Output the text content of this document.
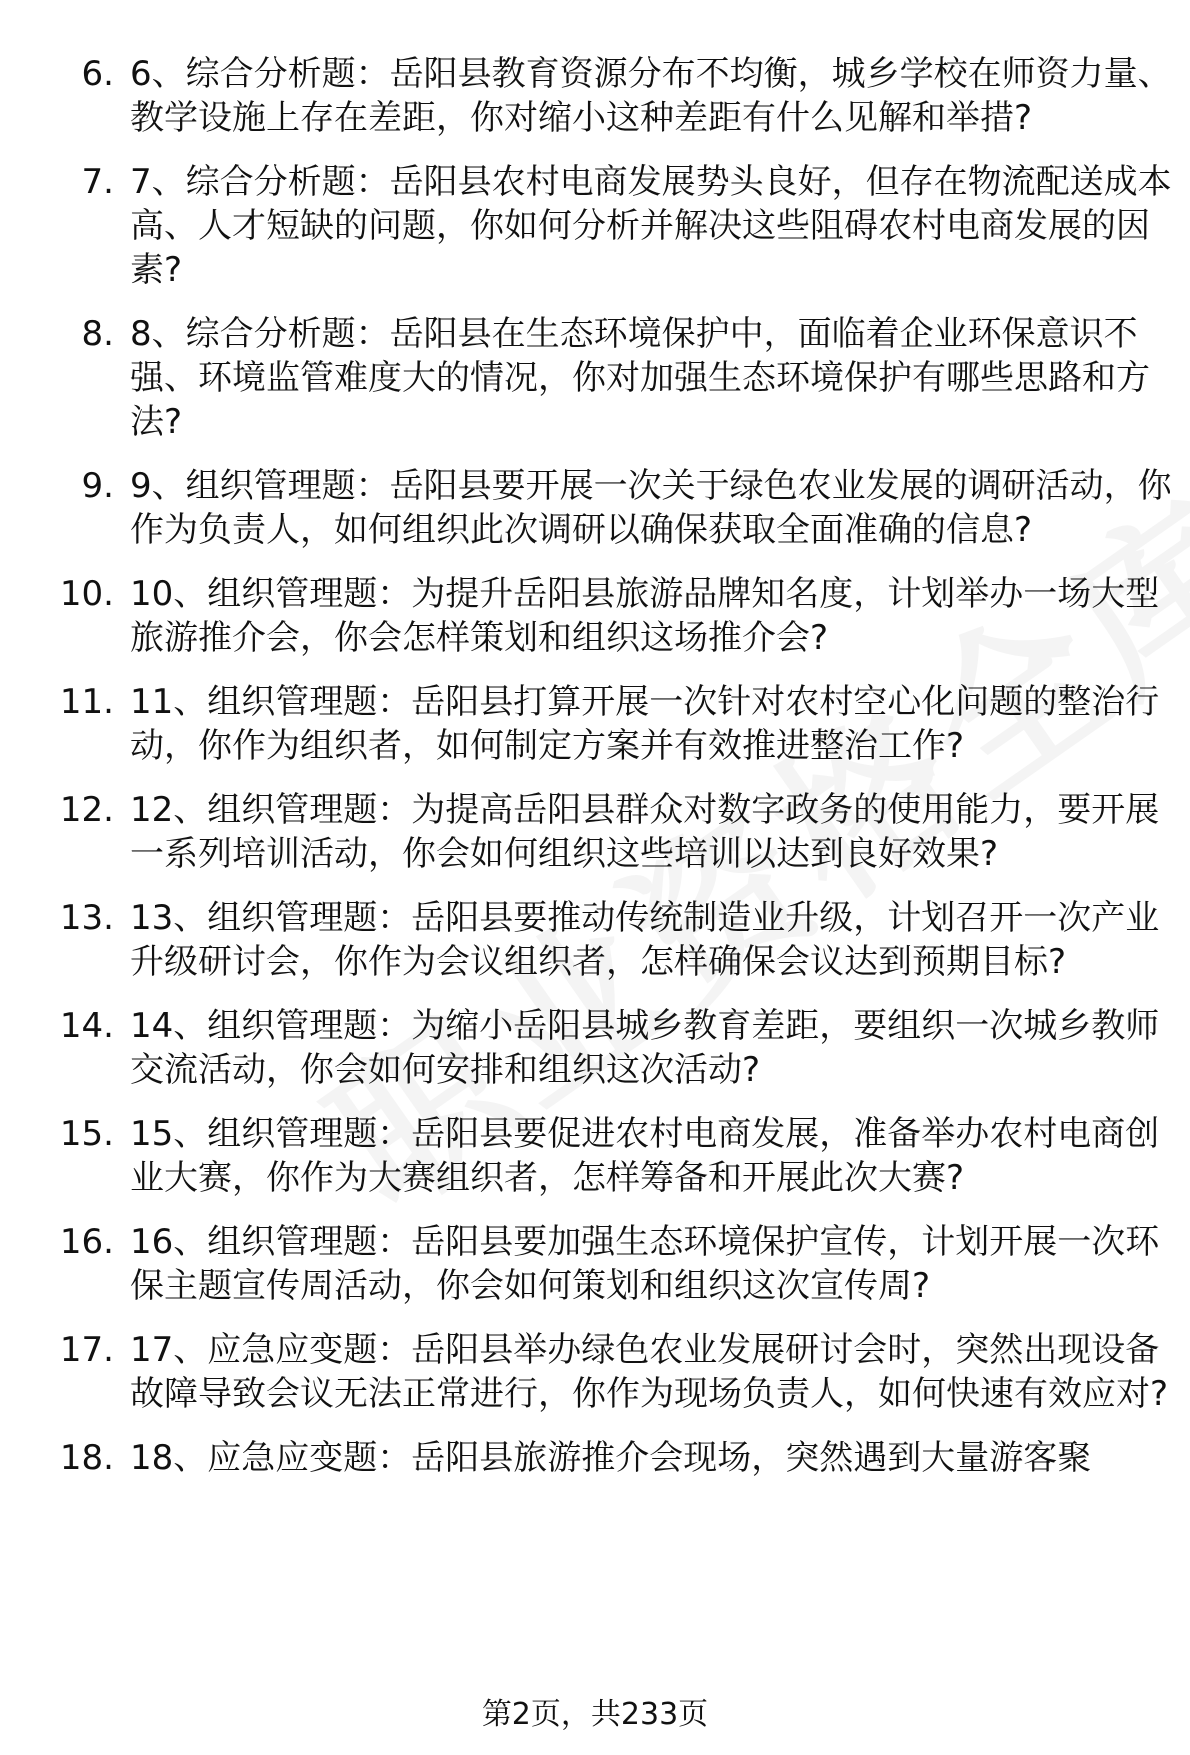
6. 6、综合分析题：岳阳县教育资源分布不均衡，城乡学校在师资力量、教学设施上存在差距，你对缩小这种差距有什么见解和举措?
7. 7、综合分析题：岳阳县农村电商发展势头良好，但存在物流配送成本高、人才短缺的问题，你如何分析并解决这些阻碍农村电商发展的因素?
8. 8、综合分析题：岳阳县在生态环境保护中，面临着企业环保意识不强、环境监管难度大的情况，你对加强生态环境保护有哪些思路和方法?
9. 9、组织管理题：岳阳县要开展一次关于绿色农业发展的调研活动，你作为负责人，如何组织此次调研以确保获取全面准确的信息?
10. 10、组织管理题：为提升岳阳县旅游品牌知名度，计划举办一场大型旅游推介会，你会怎样策划和组织这场推介会?
11. 11、组织管理题：岳阳县打算开展一次针对农村空心化问题的整治行动，你作为组织者，如何制定方案并有效推进整治工作?
12. 12、组织管理题：为提高岳阳县群众对数字政务的使用能力，要开展一系列培训活动，你会如何组织这些培训以达到良好效果?
13. 13、组织管理题：岳阳县要推动传统制造业升级，计划召开一次产业升级研讨会，你作为会议组织者，怎样确保会议达到预期目标?
14. 14、组织管理题：为缩小岳阳县城乡教育差距，要组织一次城乡教师交流活动，你会如何安排和组织这次活动?
15. 15、组织管理题：岳阳县要促进农村电商发展，准备举办农村电商创业大赛，你作为大赛组织者，怎样筹备和开展此次大赛?
16. 16、组织管理题：岳阳县要加强生态环境保护宣传，计划开展一次环保主题宣传周活动，你会如何策划和组织这次宣传周?
17. 17、应急应变题：岳阳县举办绿色农业发展研讨会时，突然出现设备故障导致会议无法正常进行，你作为现场负责人，如何快速有效应对?
18. 18、应急应变题：岳阳县旅游推介会现场，突然遇到大量游客聚
第2页，共233页
